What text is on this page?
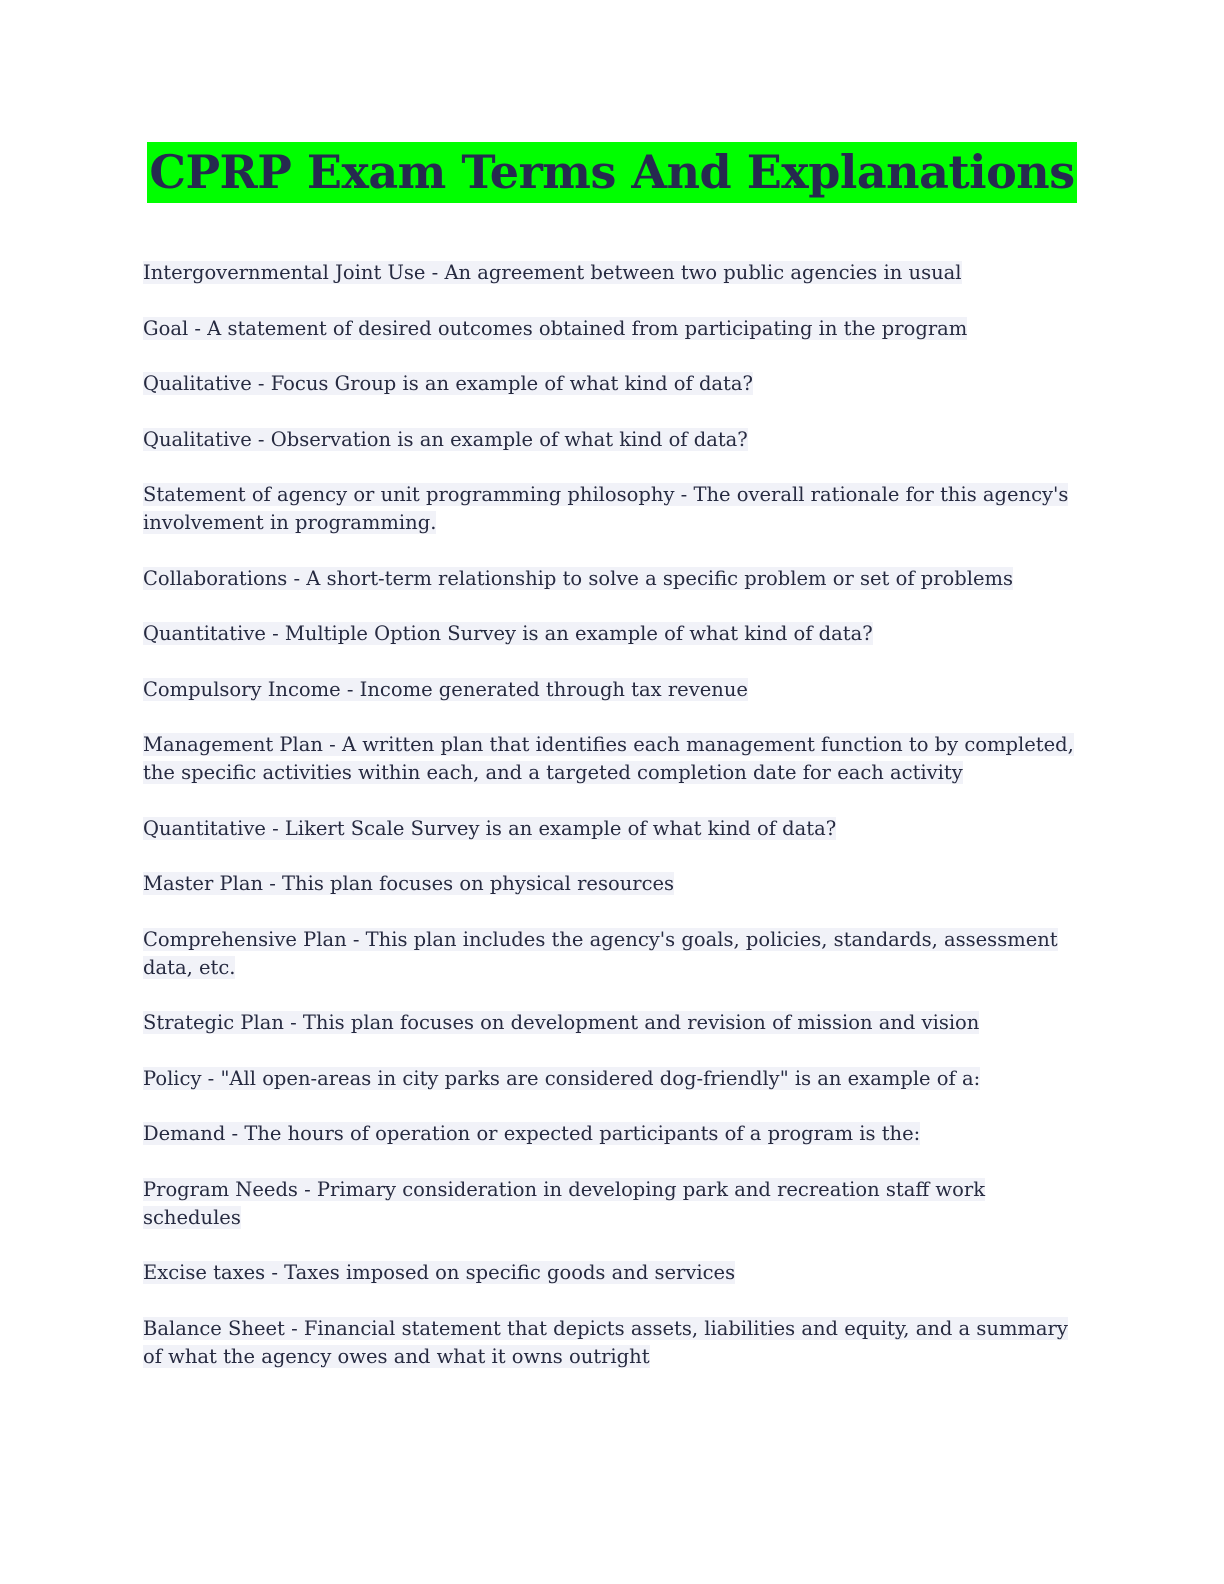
CPRP Exam Terms And Explanations

Intergovernmental Joint Use - An agreement between two public agencies in usual

Goal - A statement of desired outcomes obtained from participating in the program

Qualitative - Focus Group is an example of what kind of data?

Qualitative - Observation is an example of what kind of data?

Statement of agency or unit programming philosophy - The overall rationale for this agency's involvement in programming.

Collaborations - A short-term relationship to solve a specific problem or set of problems

Quantitative - Multiple Option Survey is an example of what kind of data?

Compulsory Income - Income generated through tax revenue

Management Plan - A written plan that identifies each management function to by completed, the specific activities within each, and a targeted completion date for each activity

Quantitative - Likert Scale Survey is an example of what kind of data?

Master Plan - This plan focuses on physical resources

Comprehensive Plan - This plan includes the agency's goals, policies, standards, assessment data, etc.

Strategic Plan - This plan focuses on development and revision of mission and vision

Policy - "All open-areas in city parks are considered dog-friendly" is an example of a:

Demand - The hours of operation or expected participants of a program is the:

Program Needs - Primary consideration in developing park and recreation staff work schedules

Excise taxes - Taxes imposed on specific goods and services

Balance Sheet - Financial statement that depicts assets, liabilities and equity, and a summary of what the agency owes and what it owns outright
